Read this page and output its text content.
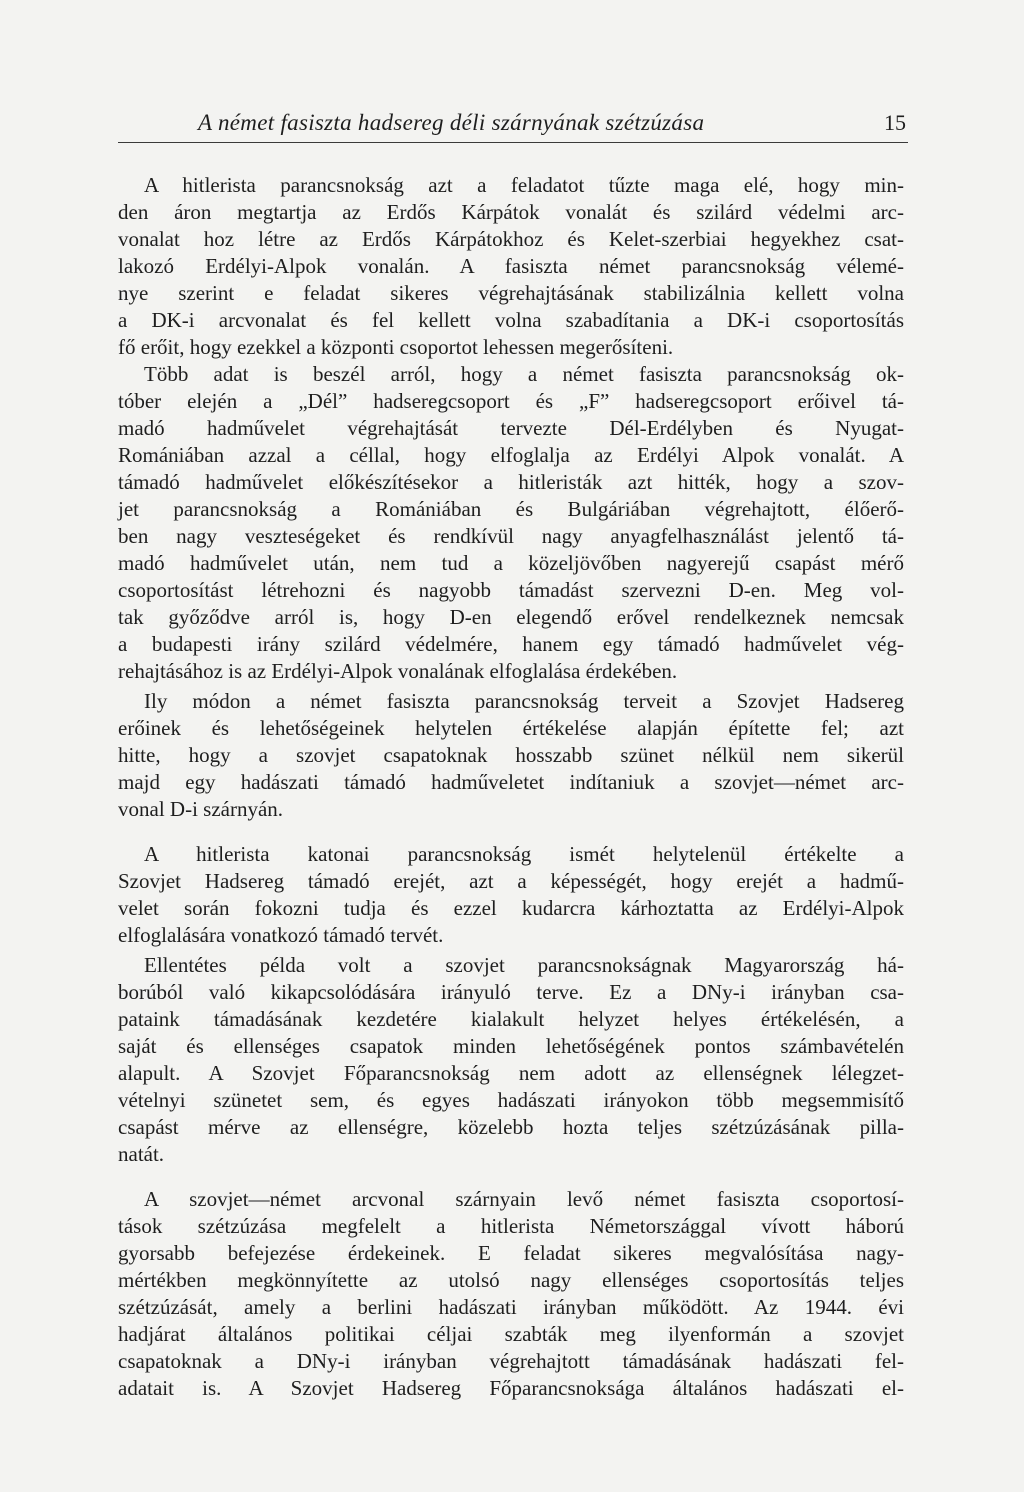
A német fasiszta hadsereg déli szárnyának szétzúzása	15
A hitlerista parancsnokság azt a feladatot tűzte maga elé, hogy min-
den áron megtartja az Erdős Kárpátok vonalát és szilárd védelmi arc-
vonalat hoz létre az Erdős Kárpátokhoz és Kelet-szerbiai hegyekhez csat-
lakozó Erdélyi-Alpok vonalán. A fasiszta német parancsnokság vélemé-
nye szerint e feladat sikeres végrehajtásának stabilizálnia kellett volna
a DK-i arcvonalat és fel kellett volna szabadítania a DK-i csoportosítás
fő erőit, hogy ezekkel a központi csoportot lehessen megerősíteni.
Több adat is beszél arról, hogy a német fasiszta parancsnokság ok-
tóber elején a „Dél” hadseregcsoport és „F” hadseregcsoport erőivel tá-
madó hadművelet végrehajtását tervezte Dél-Erdélyben és Nyugat-
Romániában azzal a céllal, hogy elfoglalja az Erdélyi Alpok vonalát. A
támadó hadművelet előkészítésekor a hitleristák azt hitték, hogy a szov-
jet parancsnokság a Romániában és Bulgáriában végrehajtott, élőerő-
ben nagy veszteségeket és rendkívül nagy anyagfelhasználást jelentő tá-
madó hadművelet után, nem tud a közeljövőben nagyerejű csapást mérő
csoportosítást létrehozni és nagyobb támadást szervezni D-en. Meg vol-
tak győződve arról is, hogy D-en elegendő erővel rendelkeznek nemcsak
a budapesti irány szilárd védelmére, hanem egy támadó hadművelet vég-
rehajtásához is az Erdélyi-Alpok vonalának elfoglalása érdekében.
Ily módon a német fasiszta parancsnokság terveit a Szovjet Hadsereg
erőinek és lehetőségeinek helytelen értékelése alapján építette fel; azt
hitte, hogy a szovjet csapatoknak hosszabb szünet nélkül nem sikerül
majd egy hadászati támadó hadműveletet indítaniuk a szovjet—német arc-
vonal D-i szárnyán.
A hitlerista katonai parancsnokság ismét helytelenül értékelte a
Szovjet Hadsereg támadó erejét, azt a képességét, hogy erejét a hadmű-
velet során fokozni tudja és ezzel kudarcra kárhoztatta az Erdélyi-Alpok
elfoglalására vonatkozó támadó tervét.
Ellentétes példa volt a szovjet parancsnokságnak Magyarország há-
borúból való kikapcsolódására irányuló terve. Ez a DNy-i irányban csa-
pataink támadásának kezdetére kialakult helyzet helyes értékelésén, a
saját és ellenséges csapatok minden lehetőségének pontos számbavételén
alapult. A Szovjet Főparancsnokság nem adott az ellenségnek lélegzet-
vételnyi szünetet sem, és egyes hadászati irányokon több megsemmisítő
csapást mérve az ellenségre, közelebb hozta teljes szétzúzásának pilla-
natát.
A szovjet—német arcvonal szárnyain levő német fasiszta csoportosí-
tások szétzúzása megfelelt a hitlerista Németországgal vívott háború
gyorsabb befejezése érdekeinek. E feladat sikeres megvalósítása nagy-
mértékben megkönnyítette az utolsó nagy ellenséges csoportosítás teljes
szétzúzását, amely a berlini hadászati irányban működött. Az 1944. évi
hadjárat általános politikai céljai szabták meg ilyenformán a szovjet
csapatoknak a DNy-i irányban végrehajtott támadásának hadászati fel-
adatait is. A Szovjet Hadsereg Főparancsnoksága általános hadászati el-
